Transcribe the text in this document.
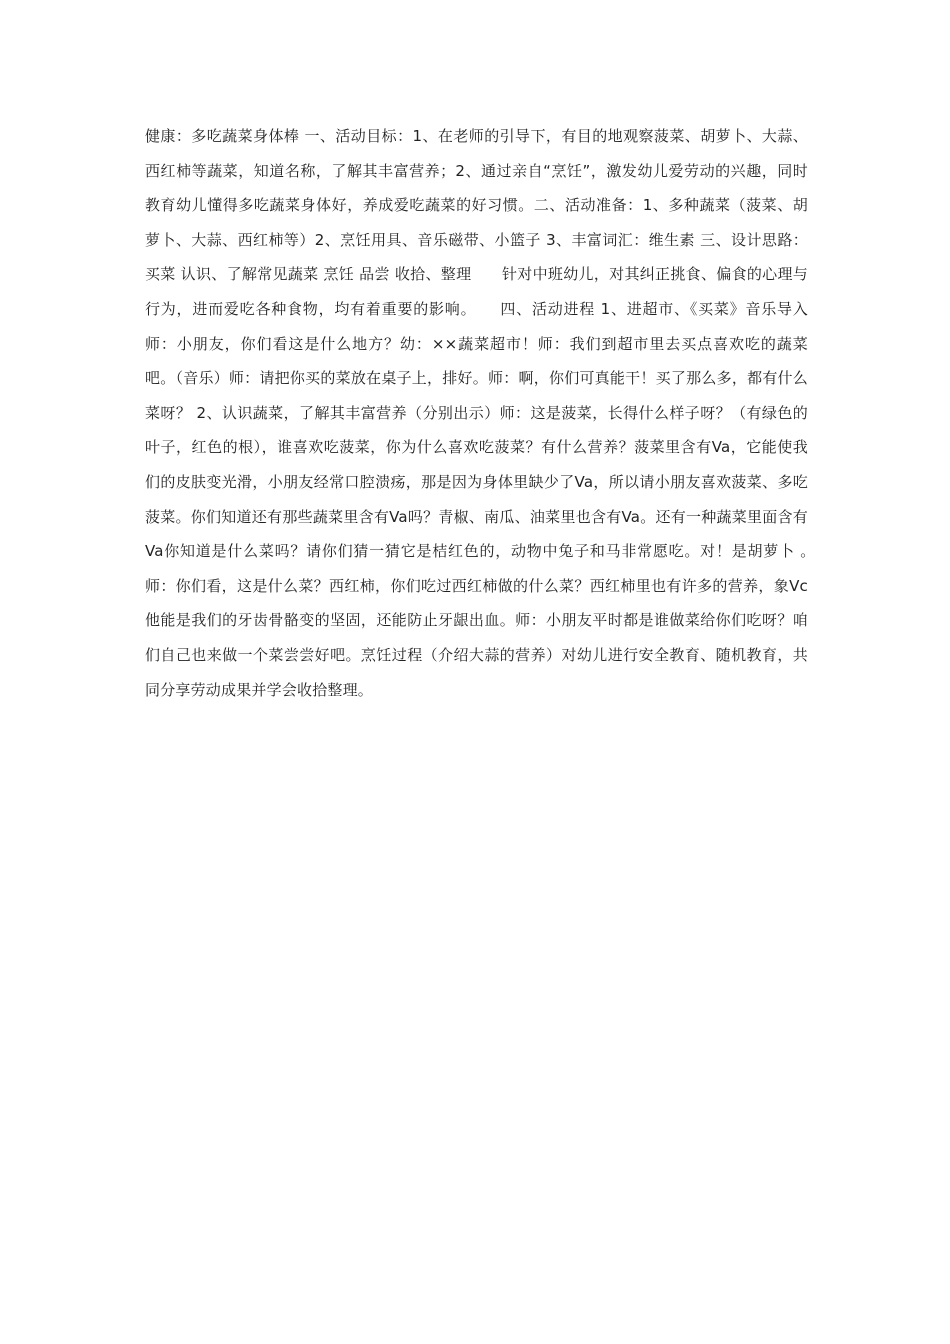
健康：多吃蔬菜身体棒 一、活动目标：1、在老师的引导下，有目的地观察菠菜、胡萝卜、大蒜、西红柿等蔬菜，知道名称，了解其丰富营养；2、通过亲自“烹饪”，激发幼儿爱劳动的兴趣，同时教育幼儿懂得多吃蔬菜身体好，养成爱吃蔬菜的好习惯。二、活动准备：1、多种蔬菜（菠菜、胡萝卜、大蒜、西红柿等）2、烹饪用具、音乐磁带、小篮子 3、丰富词汇：维生素 三、设计思路：买菜 认识、了解常见蔬菜 烹饪 品尝 收拾、整理　　针对中班幼儿，对其纠正挑食、偏食的心理与行为，进而爱吃各种食物，均有着重要的影响。　　四、活动进程 1、进超市、《买菜》音乐导入 师：小朋友，你们看这是什么地方？幼：××蔬菜超市！师：我们到超市里去买点喜欢吃的蔬菜吧。（音乐）师：请把你买的菜放在桌子上，排好。师：啊，你们可真能干！买了那么多，都有什么菜呀？ 2、认识蔬菜，了解其丰富营养（分别出示）师：这是菠菜，长得什么样子呀？（有绿色的叶子，红色的根），谁喜欢吃菠菜，你为什么喜欢吃菠菜？有什么营养？菠菜里含有Va，它能使我们的皮肤变光滑，小朋友经常口腔溃疡，那是因为身体里缺少了Va，所以请小朋友喜欢菠菜、多吃菠菜。你们知道还有那些蔬菜里含有Va吗？青椒、南瓜、油菜里也含有Va。还有一种蔬菜里面含有Va你知道是什么菜吗？请你们猜一猜它是桔红色的，动物中兔子和马非常愿吃。对！是胡萝卜 。　　师：你们看，这是什么菜？西红柿，你们吃过西红柿做的什么菜？西红柿里也有许多的营养，象Vc他能是我们的牙齿骨骼变的坚固，还能防止牙龈出血。师：小朋友平时都是谁做菜给你们吃呀？咱们自己也来做一个菜尝尝好吧。烹饪过程（介绍大蒜的营养）对幼儿进行安全教育、随机教育，共同分享劳动成果并学会收拾整理。
